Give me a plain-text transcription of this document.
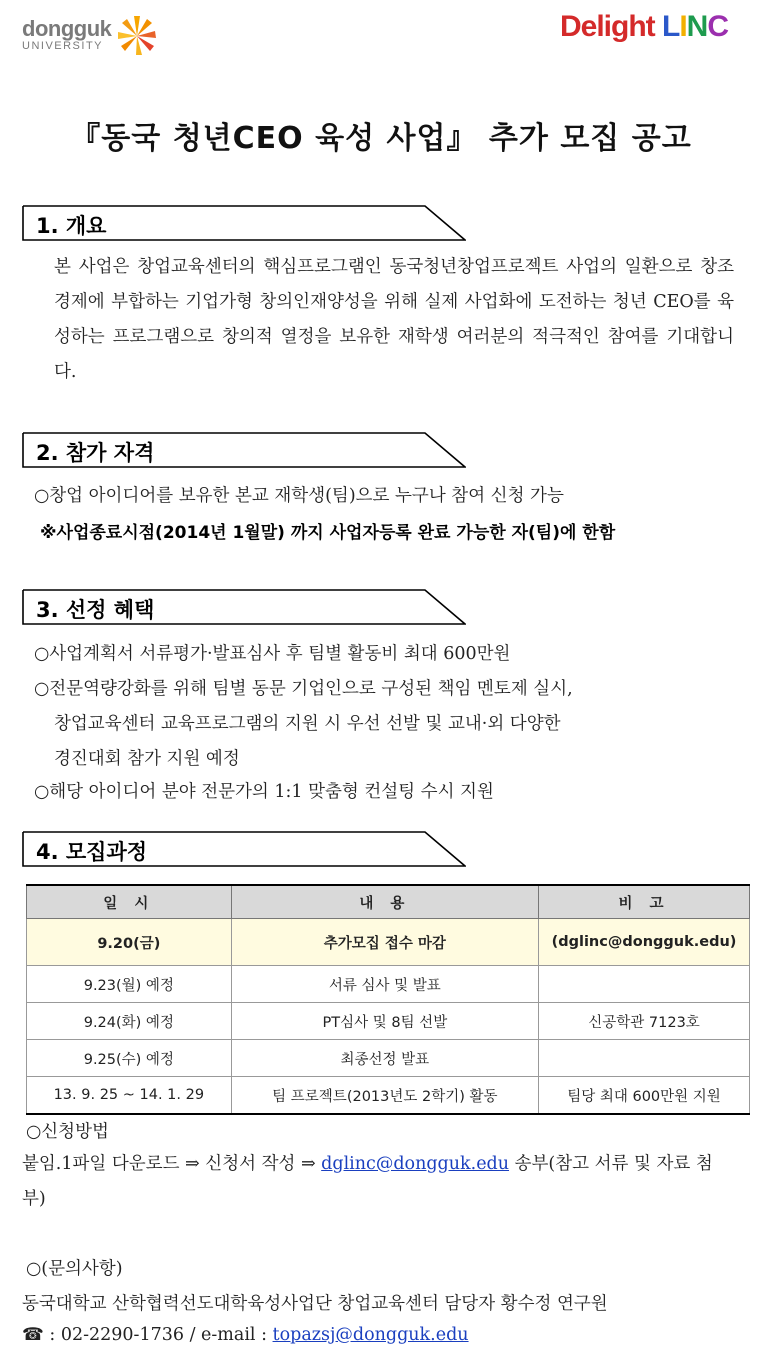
dongguk
UNIVERSITY
Delight LINC
『동국 청년CEO 육성 사업』 추가 모집 공고
1. 개요
본 사업은 창업교육센터의 핵심프로그램인 동국청년창업프로젝트 사업의 일환으로 창조경제에 부합하는 기업가형 창의인재양성을 위해 실제 사업화에 도전하는 청년 CEO를 육성하는 프로그램으로 창의적 열정을 보유한 재학생 여러분의 적극적인 참여를 기대합니다.
2. 참가 자격
○창업 아이디어를 보유한 본교 재학생(팀)으로 누구나 참여 신청 가능
※사업종료시점(2014년 1월말) 까지 사업자등록 완료 가능한 자(팀)에 한함
3. 선정 혜택
○사업계획서 서류평가·발표심사 후 팀별 활동비 최대 600만원
○전문역량강화를 위해 팀별 동문 기업인으로 구성된 책임 멘토제 실시,
창업교육센터 교육프로그램의 지원 시 우선 선발 및 교내·외 다양한
경진대회 참가 지원 예정
○해당 아이디어 분야 전문가의 1:1 맞춤형 컨설팅 수시 지원
4. 모집과정
일 시	내 용	비 고
9.20(금)	추가모집 접수 마감	(dglinc@dongguk.edu)
9.23(월) 예정	서류 심사 및 발표	
9.24(화) 예정	PT심사 및 8팀 선발	신공학관 7123호
9.25(수) 예정	최종선정 발표	
13. 9. 25 ~ 14. 1. 29	팀 프로젝트(2013년도 2학기) 활동	팀당 최대 600만원 지원
○신청방법
붙임.1파일 다운로드 ⇒ 신청서 작성 ⇒ dglinc@dongguk.edu 송부(참고 서류 및 자료 첨부)
○(문의사항)
동국대학교 산학협력선도대학육성사업단 창업교육센터 담당자 황수정 연구원
☎ : 02-2290-1736 / e-mail : topazsj@dongguk.edu
